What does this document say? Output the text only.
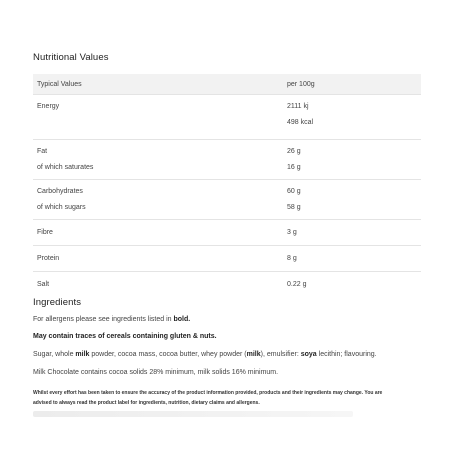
Nutritional Values
Typical Values	per 100g
Energy	2111 kj
498 kcal
Fat	26 g
of which saturates	16 g
Carbohydrates	60 g
of which sugars	58 g
Fibre	3 g
Protein	8 g
Salt	0.22 g
Ingredients
For allergens please see ingredients listed in bold.
May contain traces of cereals containing gluten & nuts.
Sugar, whole milk powder, cocoa mass, cocoa butter, whey powder (milk), emulsifier: soya lecithin; flavouring.
Milk Chocolate contains cocoa solids 28% minimum, milk solids 16% minimum.
Whilst every effort has been taken to ensure the accuracy of the product information provided, products and their ingredients may change. You are
advised to always read the product label for ingredients, nutrition, dietary claims and allergens.
